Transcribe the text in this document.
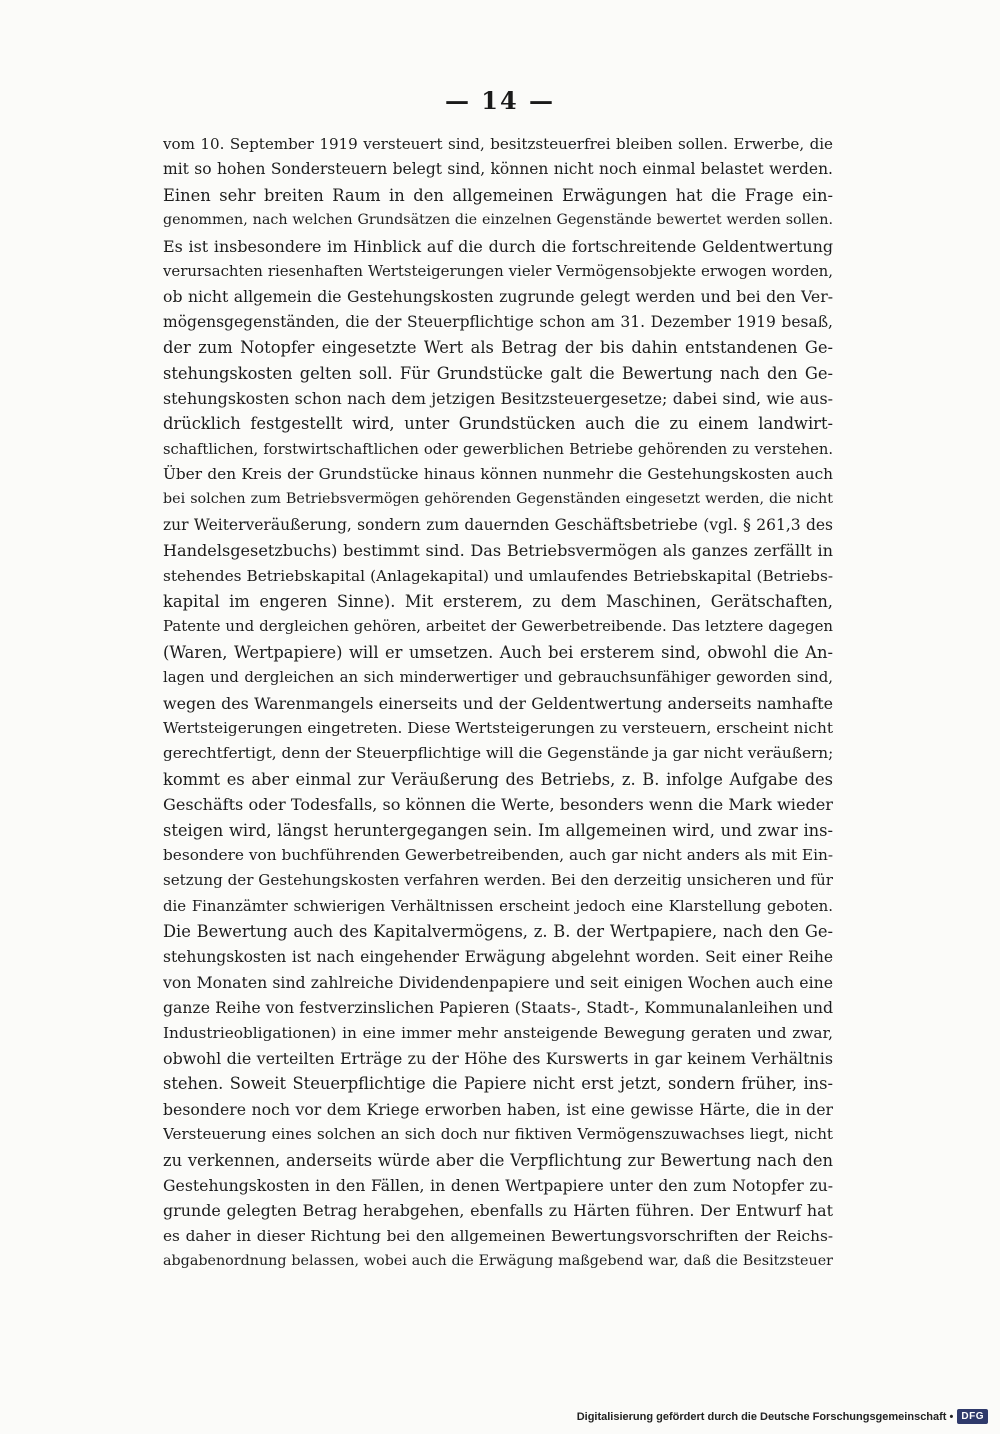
— 14 —
vom 10. September 1919 versteuert sind, besitzsteuerfrei bleiben sollen. Erwerbe, die
mit so hohen Sondersteuern belegt sind, können nicht noch einmal belastet werden.
Einen sehr breiten Raum in den allgemeinen Erwägungen hat die Frage ein-
genommen, nach welchen Grundsätzen die einzelnen Gegenstände bewertet werden sollen.
Es ist insbesondere im Hinblick auf die durch die fortschreitende Geldentwertung
verursachten riesenhaften Wertsteigerungen vieler Vermögensobjekte erwogen worden,
ob nicht allgemein die Gestehungskosten zugrunde gelegt werden und bei den Ver-
mögensgegenständen, die der Steuerpflichtige schon am 31. Dezember 1919 besaß,
der zum Notopfer eingesetzte Wert als Betrag der bis dahin entstandenen Ge-
stehungskosten gelten soll. Für Grundstücke galt die Bewertung nach den Ge-
stehungskosten schon nach dem jetzigen Besitzsteuergesetze; dabei sind, wie aus-
drücklich festgestellt wird, unter Grundstücken auch die zu einem landwirt-
schaftlichen, forstwirtschaftlichen oder gewerblichen Betriebe gehörenden zu verstehen.
Über den Kreis der Grundstücke hinaus können nunmehr die Gestehungskosten auch
bei solchen zum Betriebsvermögen gehörenden Gegenständen eingesetzt werden, die nicht
zur Weiterveräußerung, sondern zum dauernden Geschäftsbetriebe (vgl. § 261,3 des
Handelsgesetzbuchs) bestimmt sind. Das Betriebsvermögen als ganzes zerfällt in
stehendes Betriebskapital (Anlagekapital) und umlaufendes Betriebskapital (Betriebs-
kapital im engeren Sinne). Mit ersterem, zu dem Maschinen, Gerätschaften,
Patente und dergleichen gehören, arbeitet der Gewerbetreibende. Das letztere dagegen
(Waren, Wertpapiere) will er umsetzen. Auch bei ersterem sind, obwohl die An-
lagen und dergleichen an sich minderwertiger und gebrauchsunfähiger geworden sind,
wegen des Warenmangels einerseits und der Geldentwertung anderseits namhafte
Wertsteigerungen eingetreten. Diese Wertsteigerungen zu versteuern, erscheint nicht
gerechtfertigt, denn der Steuerpflichtige will die Gegenstände ja gar nicht veräußern;
kommt es aber einmal zur Veräußerung des Betriebs, z. B. infolge Aufgabe des
Geschäfts oder Todesfalls, so können die Werte, besonders wenn die Mark wieder
steigen wird, längst heruntergegangen sein. Im allgemeinen wird, und zwar ins-
besondere von buchführenden Gewerbetreibenden, auch gar nicht anders als mit Ein-
setzung der Gestehungskosten verfahren werden. Bei den derzeitig unsicheren und für
die Finanzämter schwierigen Verhältnissen erscheint jedoch eine Klarstellung geboten.
Die Bewertung auch des Kapitalvermögens, z. B. der Wertpapiere, nach den Ge-
stehungskosten ist nach eingehender Erwägung abgelehnt worden. Seit einer Reihe
von Monaten sind zahlreiche Dividendenpapiere und seit einigen Wochen auch eine
ganze Reihe von festverzinslichen Papieren (Staats-, Stadt-, Kommunalanleihen und
Industrieobligationen) in eine immer mehr ansteigende Bewegung geraten und zwar,
obwohl die verteilten Erträge zu der Höhe des Kurswerts in gar keinem Verhältnis
stehen. Soweit Steuerpflichtige die Papiere nicht erst jetzt, sondern früher, ins-
besondere noch vor dem Kriege erworben haben, ist eine gewisse Härte, die in der
Versteuerung eines solchen an sich doch nur fiktiven Vermögenszuwachses liegt, nicht
zu verkennen, anderseits würde aber die Verpflichtung zur Bewertung nach den
Gestehungskosten in den Fällen, in denen Wertpapiere unter den zum Notopfer zu-
grunde gelegten Betrag herabgehen, ebenfalls zu Härten führen. Der Entwurf hat
es daher in dieser Richtung bei den allgemeinen Bewertungsvorschriften der Reichs-
abgabenordnung belassen, wobei auch die Erwägung maßgebend war, daß die Besitzsteuer
Digitalisierung gefördert durch die Deutsche Forschungsgemeinschaft • DFG
